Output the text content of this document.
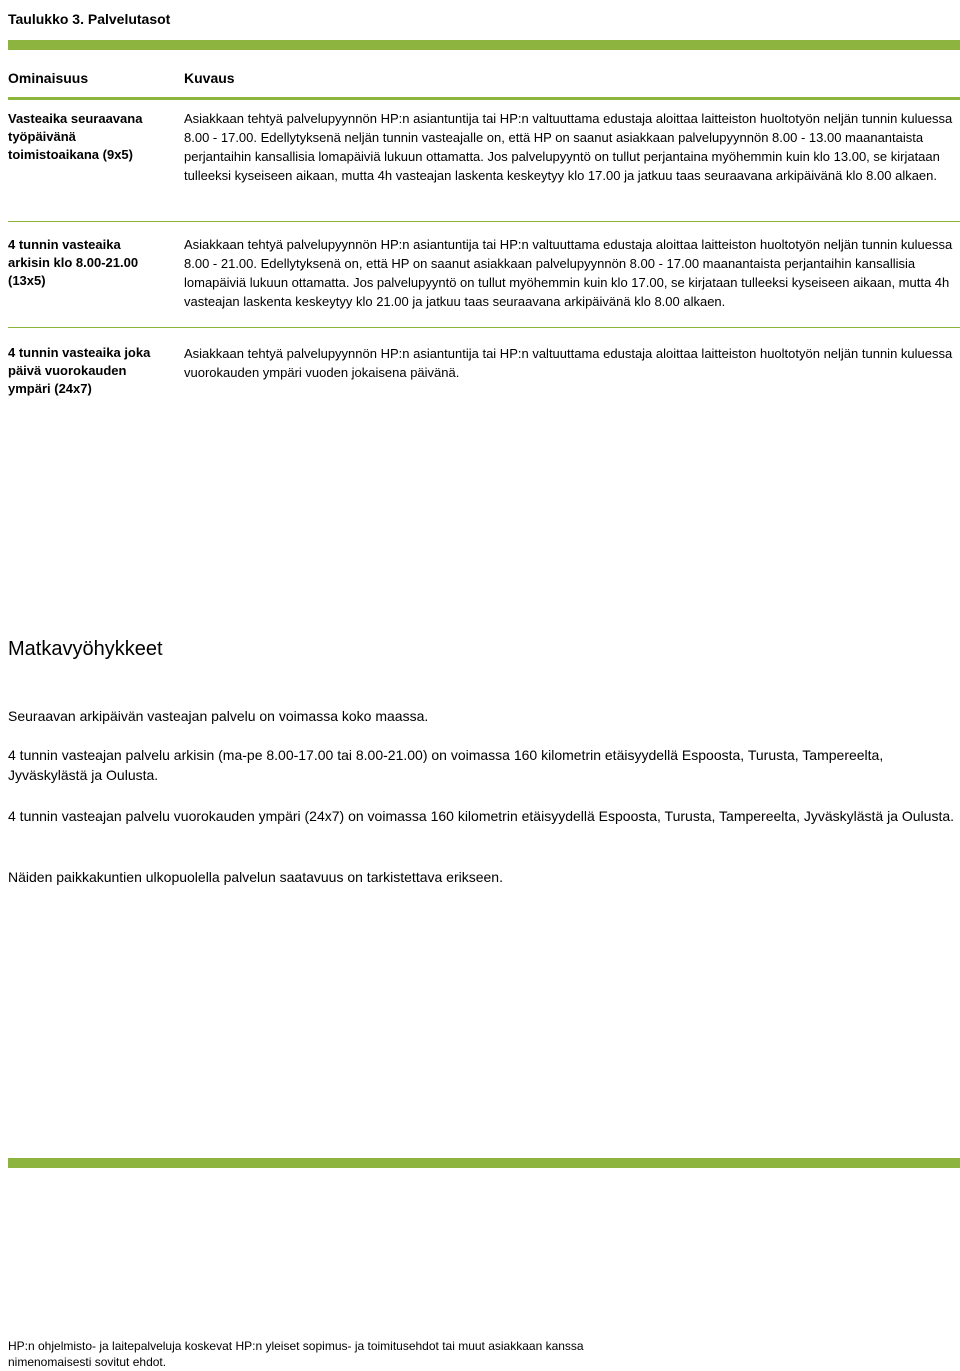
Taulukko 3. Palvelutasot
Ominaisuus	Kuvaus
Vasteaika seuraavana työpäivänä toimistoaikana (9x5)
Asiakkaan tehtyä palvelupyynnön HP:n asiantuntija tai HP:n valtuuttama edustaja aloittaa laitteiston huoltotyön neljän tunnin kuluessa 8.00 - 17.00. Edellytyksenä neljän tunnin vasteajalle on, että HP on saanut asiakkaan palvelupyynnön 8.00 - 13.00 maanantaista perjantaihin kansallisia lomapäiviä lukuun ottamatta. Jos palvelupyyntö on tullut perjantaina myöhemmin kuin klo 13.00, se kirjataan tulleeksi kyseiseen aikaan, mutta 4h vasteajan laskenta keskeytyy klo 17.00 ja jatkuu taas seuraavana arkipäivänä klo 8.00 alkaen.
4 tunnin vasteaika arkisin klo 8.00-21.00 (13x5)
Asiakkaan tehtyä palvelupyynnön HP:n asiantuntija tai HP:n valtuuttama edustaja aloittaa laitteiston huoltotyön neljän tunnin kuluessa 8.00 - 21.00. Edellytyksenä on, että HP on saanut asiakkaan palvelupyynnön 8.00 - 17.00 maanantaista perjantaihin kansallisia lomapäiviä lukuun ottamatta. Jos palvelupyyntö on tullut myöhemmin kuin klo 17.00, se kirjataan tulleeksi kyseiseen aikaan, mutta 4h vasteajan laskenta keskeytyy klo 21.00 ja jatkuu taas seuraavana arkipäivänä klo 8.00 alkaen.
4 tunnin vasteaika joka päivä vuorokauden ympäri (24x7)
Asiakkaan tehtyä palvelupyynnön HP:n asiantuntija tai HP:n valtuuttama edustaja aloittaa laitteiston huoltotyön neljän tunnin kuluessa vuorokauden ympäri vuoden jokaisena päivänä.
Matkavyöhykkeet
Seuraavan arkipäivän vasteajan palvelu on voimassa koko maassa.
4 tunnin vasteajan palvelu arkisin (ma-pe 8.00-17.00 tai 8.00-21.00) on voimassa 160 kilometrin etäisyydellä Espoosta, Turusta, Tampereelta, Jyväskylästä ja Oulusta.
4 tunnin vasteajan palvelu vuorokauden ympäri (24x7) on voimassa 160 kilometrin etäisyydellä Espoosta, Turusta, Tampereelta, Jyväskylästä ja Oulusta.
Näiden paikkakuntien ulkopuolella palvelun saatavuus on tarkistettava erikseen.
HP:n ohjelmisto- ja laitepalveluja koskevat HP:n yleiset sopimus- ja toimitusehdot tai muut asiakkaan kanssa nimenomaisesti sovitut ehdot.
